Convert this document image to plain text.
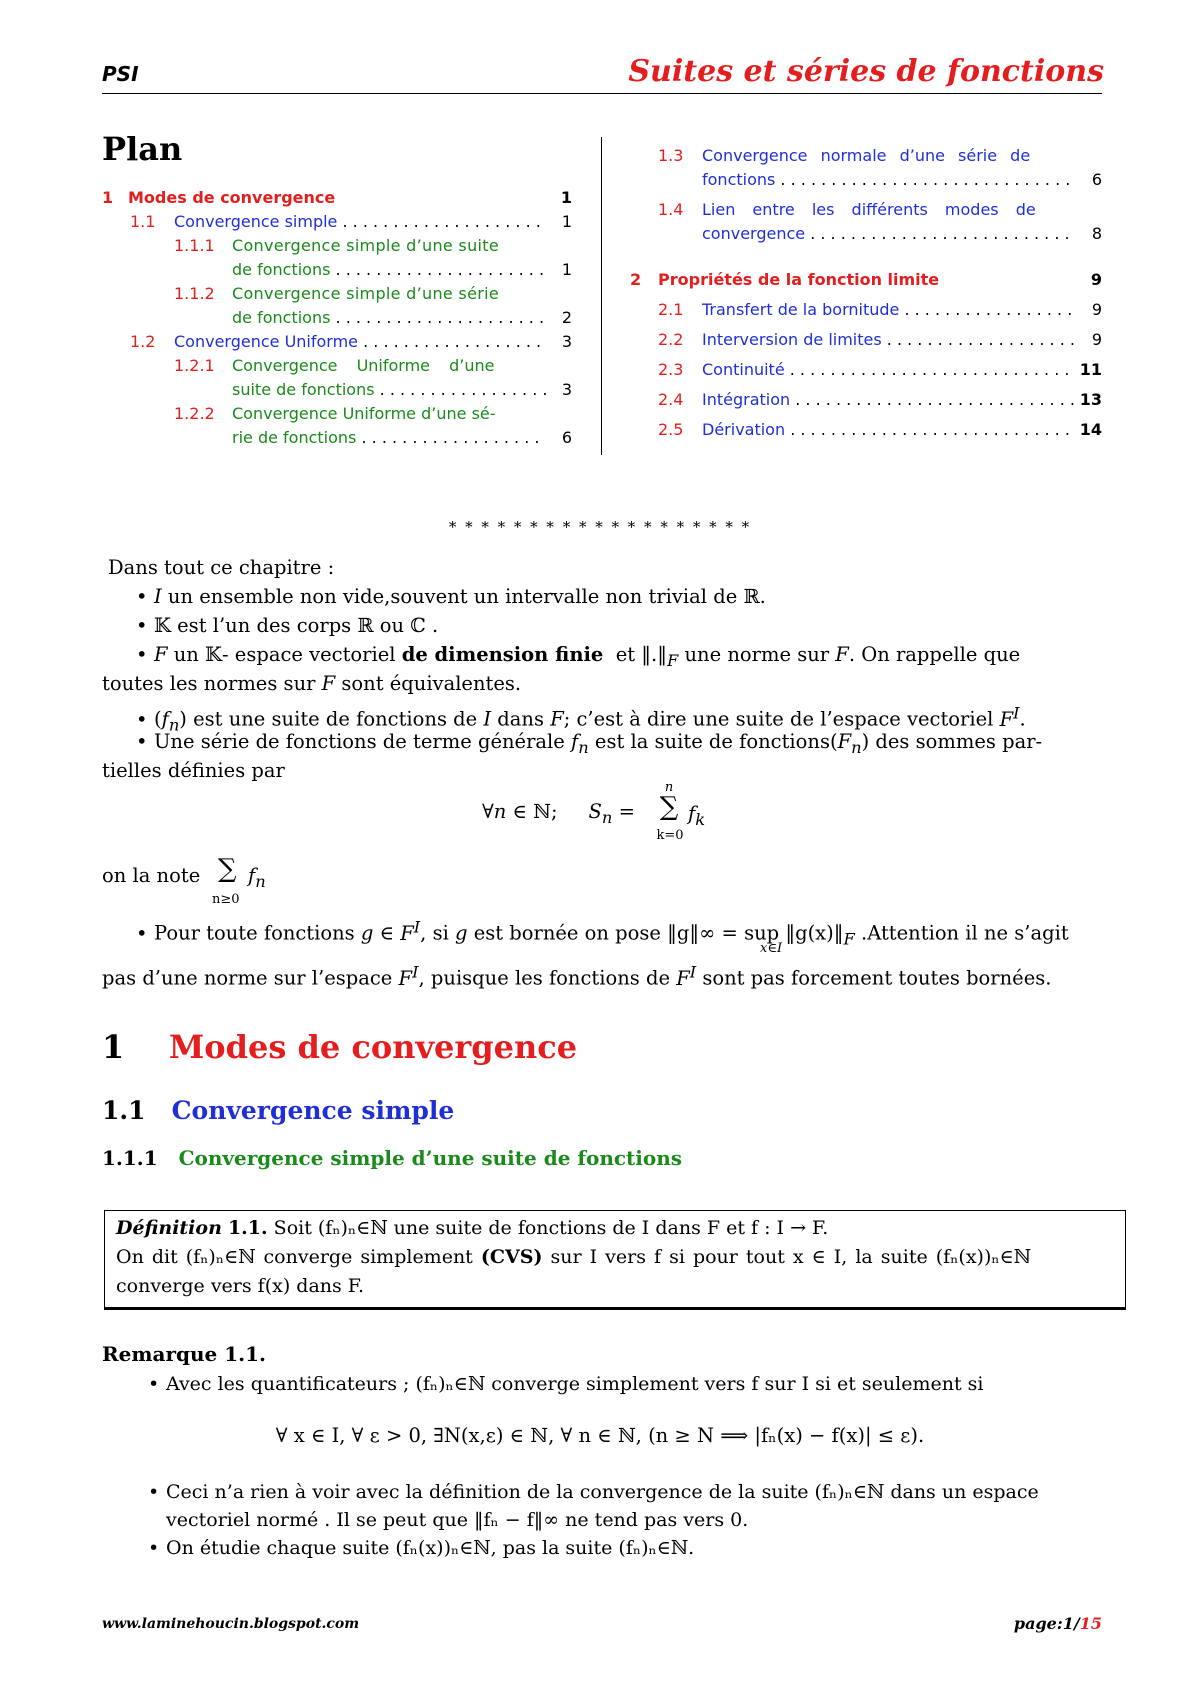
PSI	Suites et séries de fonctions
Plan
1 Modes de convergence	1
1.1	Convergence simple . . .	1
1.1.1	Convergence simple d’une suite
de fonctions . . .	1
1.1.2	Convergence simple d’une série
de fonctions . . .	2
1.2	Convergence Uniforme . . .	3
1.2.1	Convergence Uniforme d’une
suite de fonctions . . .	3
1.2.2	Convergence Uniforme d’une sé-
rie de fonctions . . .	6
1.3	Convergence normale d’une série de
fonctions . . .	6
1.4	Lien entre les différents modes de
convergence . . .	8
2	Propriétés de la fonction limite	9
2.1	Transfert de la bornitude . . .	9
2.2	Interversion de limites . . .	9
2.3	Continuité . . .	11
2.4	Intégration . . .	13
2.5	Dérivation . . .	14
* * * * * * * * * * * * * * * * * * *
Dans tout ce chapitre :
• I un ensemble non vide,souvent un intervalle non trivial de ℝ.
• 𝕂 est l’un des corps ℝ ou ℂ .
• F un 𝕂- espace vectoriel de dimension finie et $‖.‖_F$ une norme sur F. On rappelle que
toutes les normes sur F sont équivalentes.
• $(f_n)$ est une suite de fonctions de I dans F; c’est à dire une suite de l’espace vectoriel $F^I$.
• Une série de fonctions de terme générale $f_n$ est la suite de $fonctions(F_n)$ des sommes par-
tielles définies par
∀n ∈ ℕ;     $S_n$ =
n
∑
k=0
$f_k$
on la note ∑ $f_n$
n≥0
• Pour toute fonctions g ∈ $F^I$, si g est bornée on pose ‖g‖∞ = sup $‖g(x)‖_F$ .Attention il ne s’agit
x∈I
pas d’une norme sur l’espace $F^I$, puisque les fonctions de $F^I$ sont pas forcement toutes bornées.
1 Modes de convergence
1.1 Convergence simple
1.1.1 Convergence simple d’une suite de fonctions
Définition 1.1. Soit (fₙ)ₙ∈ℕ une suite de fonctions de I dans F et f : I → F.
On dit (fₙ)ₙ∈ℕ converge simplement (CVS) sur I vers f si pour tout x ∈ I, la suite (fₙ(x))ₙ∈ℕ
converge vers f(x) dans F.
Remarque 1.1.
• Avec les quantificateurs ; (fₙ)ₙ∈ℕ converge simplement vers f sur I si et seulement si
∀ x ∈ I, ∀ ε > 0, ∃N(x,ε) ∈ ℕ, ∀ n ∈ ℕ, (n ≥ N ⟹ |fₙ(x) − f(x)| ≤ ε).
• Ceci n’a rien à voir avec la définition de la convergence de la suite (fₙ)ₙ∈ℕ dans un espace
vectoriel normé . Il se peut que ‖fₙ − f‖∞ ne tend pas vers 0.
• On étudie chaque suite (fₙ(x))ₙ∈ℕ, pas la suite (fₙ)ₙ∈ℕ.
www.laminehoucin.blogspot.com	page:1/15
